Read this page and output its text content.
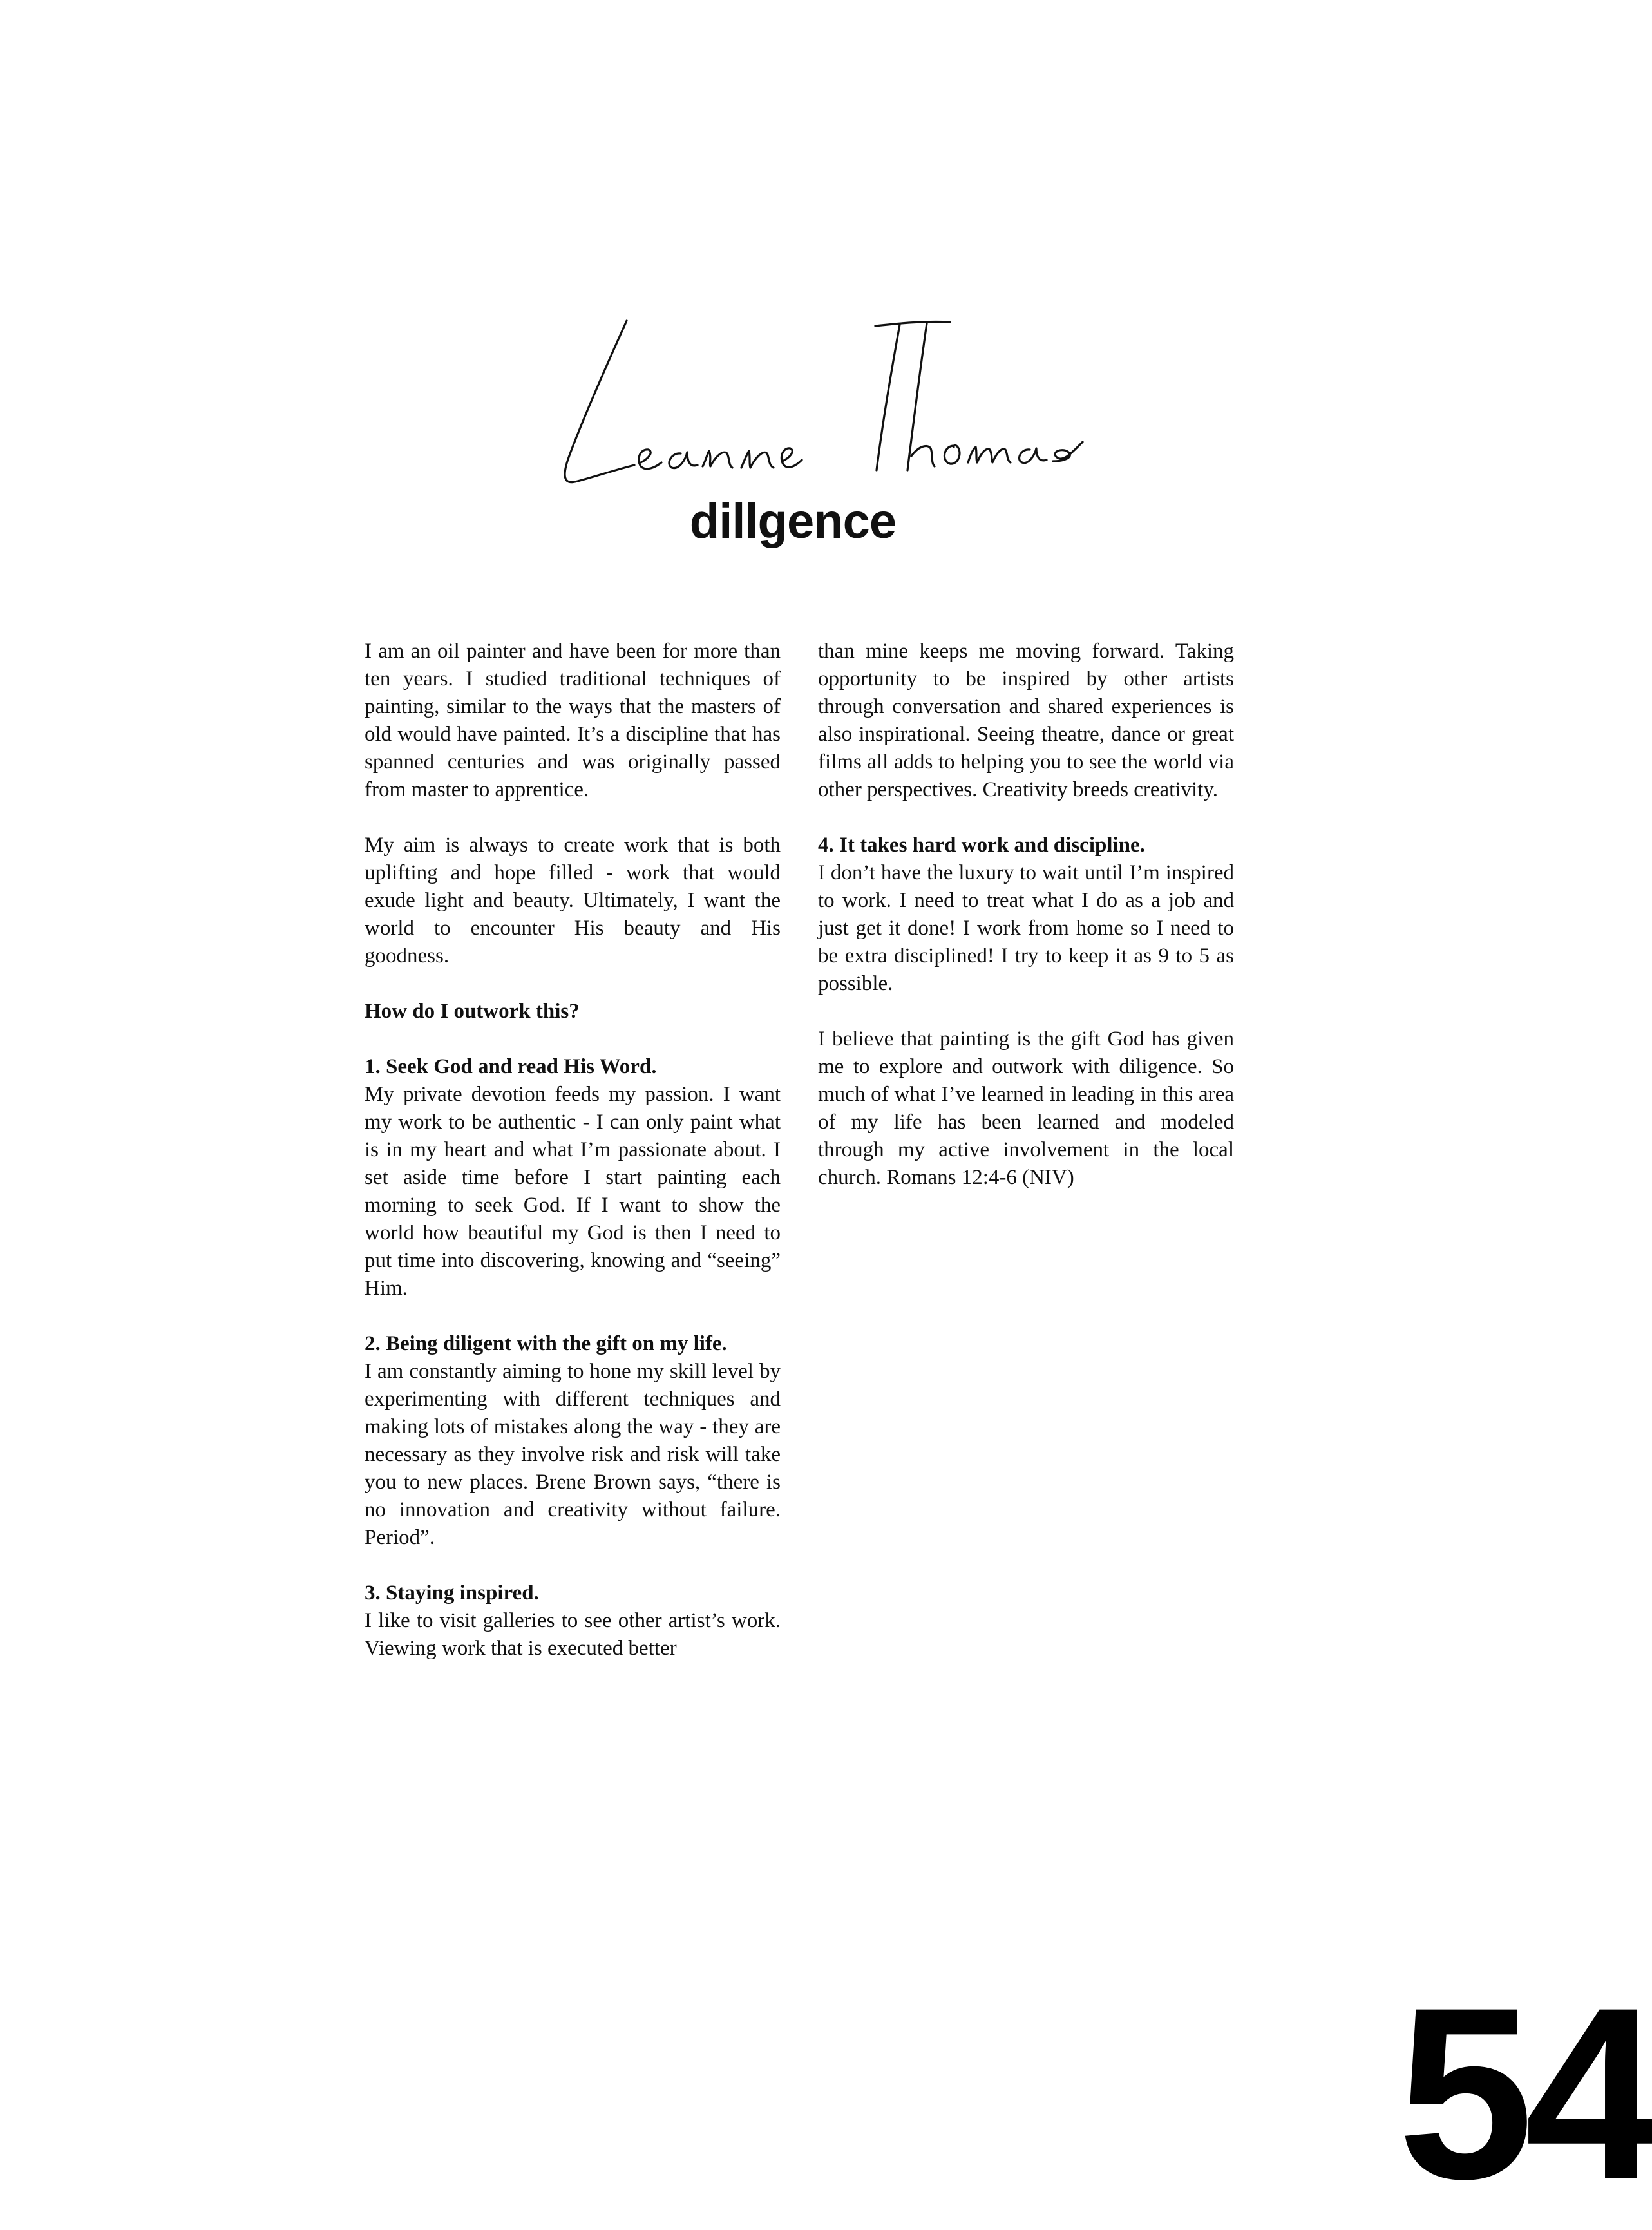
dillgence

I am an oil painter and have been for more than ten years. I studied traditional techniques of painting, similar to the ways that the masters of old would have painted. It’s a discipline that has spanned centuries and was originally passed from master to apprentice.

My aim is always to create work that is both uplifting and hope filled - work that would exude light and beauty. Ultimately, I want the world to encounter His beauty and His goodness.

How do I outwork this?

1. Seek God and read His Word.
My private devotion feeds my passion. I want my work to be authentic - I can only paint what is in my heart and what I’m passionate about. I set aside time before I start painting each morning to seek God. If I want to show the world how beautiful my God is then I need to put time into discovering, knowing and “seeing” Him.

2. Being diligent with the gift on my life.
I am constantly aiming to hone my skill level by experimenting with different techniques and making lots of mistakes along the way - they are necessary as they involve risk and risk will take you to new places. Brene Brown says, “there is no innovation and creativity without failure. Period”.

3. Staying inspired.
I like to visit galleries to see other artist’s work. Viewing work that is executed better

than mine keeps me moving forward. Taking opportunity to be inspired by other artists through conversation and shared experiences is also inspirational. Seeing theatre, dance or great films all adds to helping you to see the world via other perspectives. Creativity breeds creativity.

4. It takes hard work and discipline.
I don’t have the luxury to wait until I’m inspired to work. I need to treat what I do as a job and just get it done! I work from home so I need to be extra disciplined! I try to keep it as 9 to 5 as possible.

I believe that painting is the gift God has given me to explore and outwork with diligence. So much of what I’ve learned in leading in this area of my life has been learned and modeled through my active involvement in the local church. Romans 12:4-6 (NIV)

54
